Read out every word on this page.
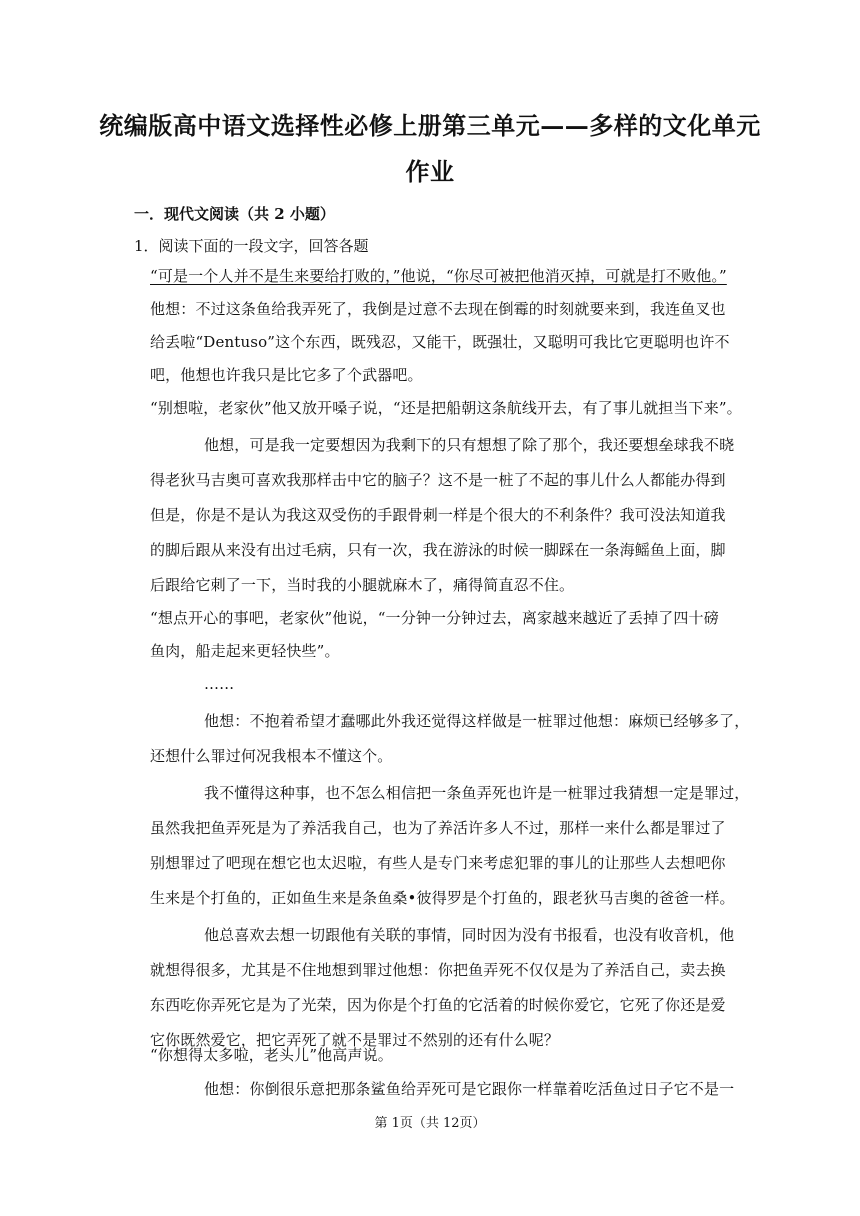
统编版高中语文选择性必修上册第三单元——多样的文化单元
作业
一．现代文阅读（共 2 小题）
1．阅读下面的一段文字，回答各题
“可是一个人并不是生来要给打败的，”他说，“你尽可被把他消灭掉，可就是打不败他。”
他想：不过这条鱼给我弄死了，我倒是过意不去现在倒霉的时刻就要来到，我连鱼叉也
给丢啦“Dentuso”这个东西，既残忍，又能干，既强壮，又聪明可我比它更聪明也许不
吧，他想也许我只是比它多了个武器吧。
“别想啦，老家伙”他又放开嗓子说，“还是把船朝这条航线开去，有了事儿就担当下来”。
他想，可是我一定要想因为我剩下的只有想想了除了那个，我还要想垒球我不晓
得老狄马吉奥可喜欢我那样击中它的脑子？这不是一桩了不起的事儿什么人都能办得到
但是，你是不是认为我这双受伤的手跟骨刺一样是个很大的不利条件？我可没法知道我
的脚后跟从来没有出过毛病，只有一次，我在游泳的时候一脚踩在一条海鳐鱼上面，脚
后跟给它刺了一下，当时我的小腿就麻木了，痛得简直忍不住。
“想点开心的事吧，老家伙”他说，“一分钟一分钟过去，离家越来越近了丢掉了四十磅
鱼肉，船走起来更轻快些”。
……
他想：不抱着希望才蠢哪此外我还觉得这样做是一桩罪过他想：麻烦已经够多了，
还想什么罪过何况我根本不懂这个。
我不懂得这种事，也不怎么相信把一条鱼弄死也许是一桩罪过我猜想一定是罪过，
虽然我把鱼弄死是为了养活我自己，也为了养活许多人不过，那样一来什么都是罪过了
别想罪过了吧现在想它也太迟啦，有些人是专门来考虑犯罪的事儿的让那些人去想吧你
生来是个打鱼的，正如鱼生来是条鱼桑•彼得罗是个打鱼的，跟老狄马吉奥的爸爸一样。
他总喜欢去想一切跟他有关联的事情，同时因为没有书报看，也没有收音机，他
就想得很多，尤其是不住地想到罪过他想：你把鱼弄死不仅仅是为了养活自己，卖去换
东西吃你弄死它是为了光荣，因为你是个打鱼的它活着的时候你爱它，它死了你还是爱
它你既然爱它，把它弄死了就不是罪过不然别的还有什么呢？
“你想得太多啦，老头儿”他高声说。
他想：你倒很乐意把那条鲨鱼给弄死可是它跟你一样靠着吃活鱼过日子它不是一
第 1页（共 12页）
